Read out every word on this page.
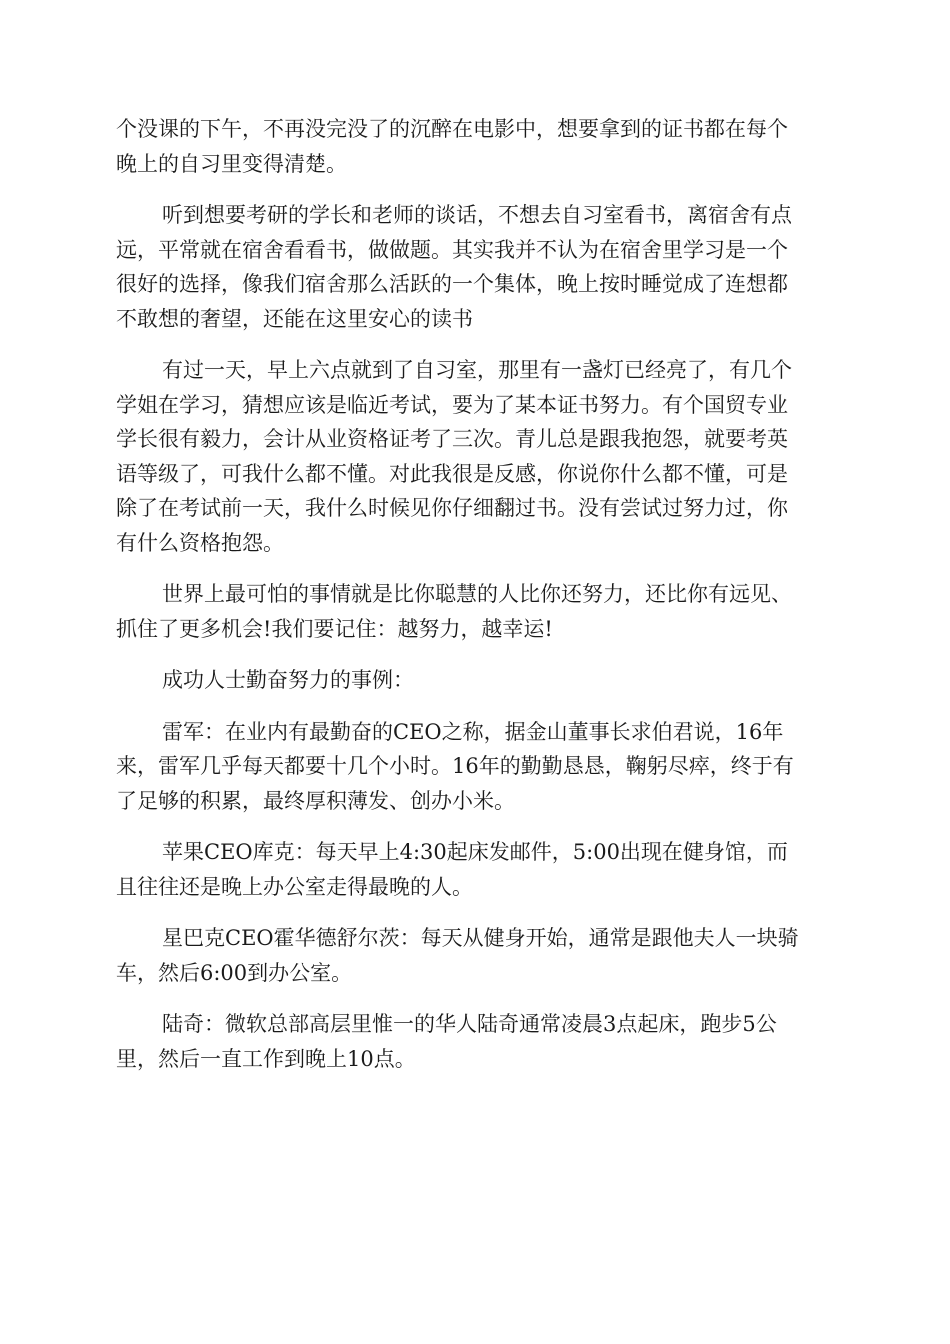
个没课的下午，不再没完没了的沉醉在电影中，想要拿到的证书都在每个
晚上的自习里变得清楚。

听到想要考研的学长和老师的谈话，不想去自习室看书，离宿舍有点
远，平常就在宿舍看看书，做做题。其实我并不认为在宿舍里学习是一个
很好的选择，像我们宿舍那么活跃的一个集体，晚上按时睡觉成了连想都
不敢想的奢望，还能在这里安心的读书

有过一天，早上六点就到了自习室，那里有一盏灯已经亮了，有几个
学姐在学习，猜想应该是临近考试，要为了某本证书努力。有个国贸专业
学长很有毅力，会计从业资格证考了三次。青儿总是跟我抱怨，就要考英
语等级了，可我什么都不懂。对此我很是反感，你说你什么都不懂，可是
除了在考试前一天，我什么时候见你仔细翻过书。没有尝试过努力过，你
有什么资格抱怨。

世界上最可怕的事情就是比你聪慧的人比你还努力，还比你有远见、
抓住了更多机会!我们要记住：越努力，越幸运!

成功人士勤奋努力的事例：

雷军：在业内有最勤奋的CEO之称，据金山董事长求伯君说，16年
来，雷军几乎每天都要十几个小时。16年的勤勤恳恳，鞠躬尽瘁，终于有
了足够的积累，最终厚积薄发、创办小米。

苹果CEO库克：每天早上4:30起床发邮件，5:00出现在健身馆，而
且往往还是晚上办公室走得最晚的人。

星巴克CEO霍华德舒尔茨：每天从健身开始，通常是跟他夫人一块骑
车，然后6:00到办公室。

陆奇：微软总部高层里惟一的华人陆奇通常凌晨3点起床，跑步5公
里，然后一直工作到晚上10点。
